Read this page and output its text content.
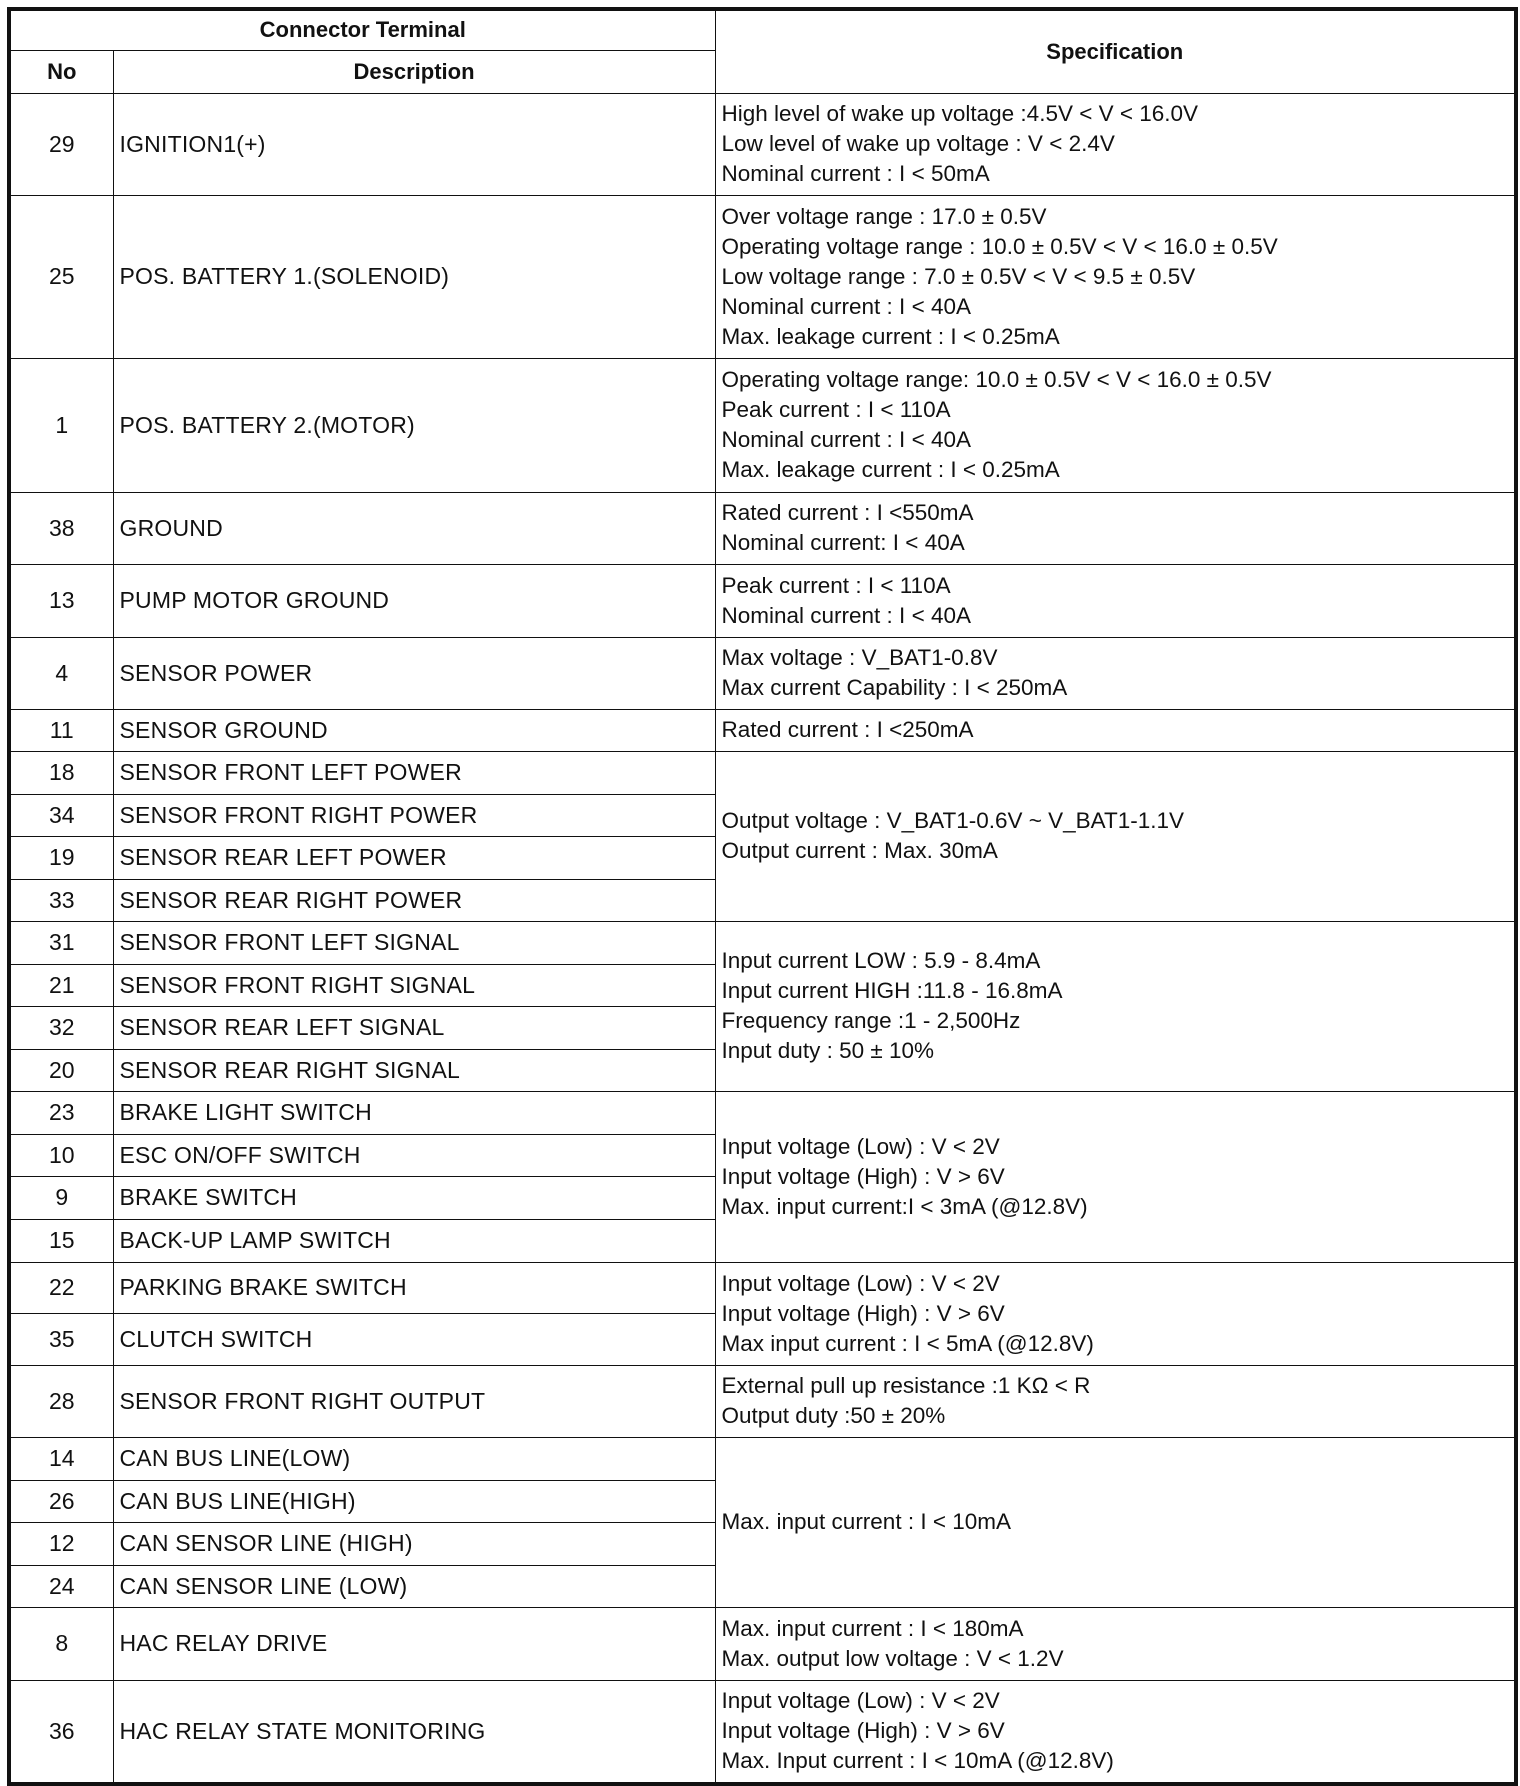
Connector Terminal		Specification
No	Description	
29	IGNITION1(+)	High level of wake up voltage :4.5V < V < 16.0V
Low level of wake up voltage : V < 2.4V
Nominal current : I < 50mA

25	POS. BATTERY 1.(SOLENOID)	Over voltage range : 17.0 ± 0.5V
Operating voltage range : 10.0 ± 0.5V < V < 16.0 ± 0.5V
Low voltage range : 7.0 ± 0.5V < V < 9.5 ± 0.5V
Nominal current : I < 40A
Max. leakage current : I < 0.25mA

1	POS. BATTERY 2.(MOTOR)	Operating voltage range: 10.0 ± 0.5V < V < 16.0 ± 0.5V
Peak current : I < 110A
Nominal current : I < 40A
Max. leakage current : I < 0.25mA

38	GROUND	Rated current : I <550mA
Nominal current: I < 40A

13	PUMP MOTOR GROUND	Peak current : I < 110A
Nominal current : I < 40A

4	SENSOR POWER	Max voltage : V_BAT1-0.8V
Max current Capability : I < 250mA

11	SENSOR GROUND	Rated current : I <250mA

18	SENSOR FRONT LEFT POWER	Output voltage : V_BAT1-0.6V ~ V_BAT1-1.1V
Output current : Max. 30mA

34	SENSOR FRONT RIGHT POWER	
19	SENSOR REAR LEFT POWER	
33	SENSOR REAR RIGHT POWER	
31	SENSOR FRONT LEFT SIGNAL	Input current LOW : 5.9 - 8.4mA
Input current HIGH :11.8 - 16.8mA
Frequency range :1 - 2,500Hz
Input duty : 50 ± 10%

21	SENSOR FRONT RIGHT SIGNAL	
32	SENSOR REAR LEFT SIGNAL	
20	SENSOR REAR RIGHT SIGNAL	
23	BRAKE LIGHT SWITCH	Input voltage (Low) : V < 2V
Input voltage (High) : V > 6V
Max. input current:I < 3mA (@12.8V)

10	ESC ON/OFF SWITCH	
9	BRAKE SWITCH	
15	BACK-UP LAMP SWITCH	
22	PARKING BRAKE SWITCH	Input voltage (Low) : V < 2V
Input voltage (High) : V > 6V
Max input current : I < 5mA (@12.8V)

35	CLUTCH SWITCH	
28	SENSOR FRONT RIGHT OUTPUT	External pull up resistance :1 KΩ < R
Output duty :50 ± 20%

14	CAN BUS LINE(LOW)	Max. input current : I < 10mA

26	CAN BUS LINE(HIGH)	
12	CAN SENSOR LINE (HIGH)	
24	CAN SENSOR LINE (LOW)	
8	HAC RELAY DRIVE	Max. input current : I < 180mA
Max. output low voltage : V < 1.2V

36	HAC RELAY STATE MONITORING	Input voltage (Low) : V < 2V
Input voltage (High) : V > 6V
Max. Input current : I < 10mA (@12.8V)
